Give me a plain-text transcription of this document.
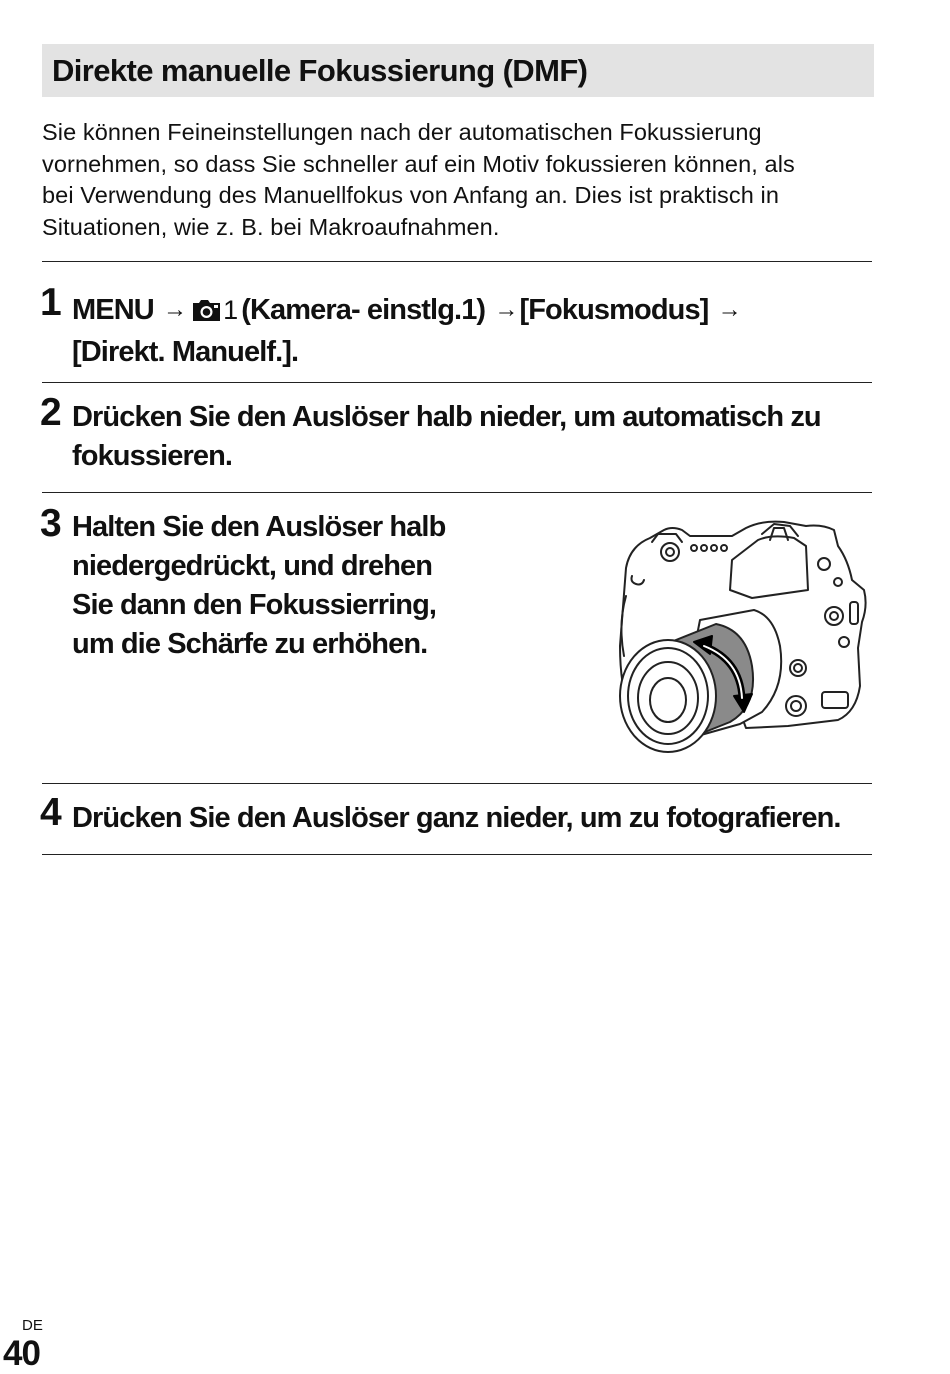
Direkte manuelle Fokussierung (DMF)

Sie können Feineinstellungen nach der automatischen Fokussierung
vornehmen, so dass Sie schneller auf ein Motiv fokussieren können, als
bei Verwendung des Manuellfokus von Anfang an. Dies ist praktisch in
Situationen, wie z. B. bei Makroaufnahmen.

1 MENU → 1 (Kamera- einstlg.1) →[Fokusmodus] →
[Direkt. Manuelf.].
2 Drücken Sie den Auslöser halb nieder, um automatisch zu
fokussieren.
3 Halten Sie den Auslöser halb
niedergedrückt, und drehen
Sie dann den Fokussierring,
um die Schärfe zu erhöhen.
4 Drücken Sie den Auslöser ganz nieder, um zu fotografieren.
DE
40
